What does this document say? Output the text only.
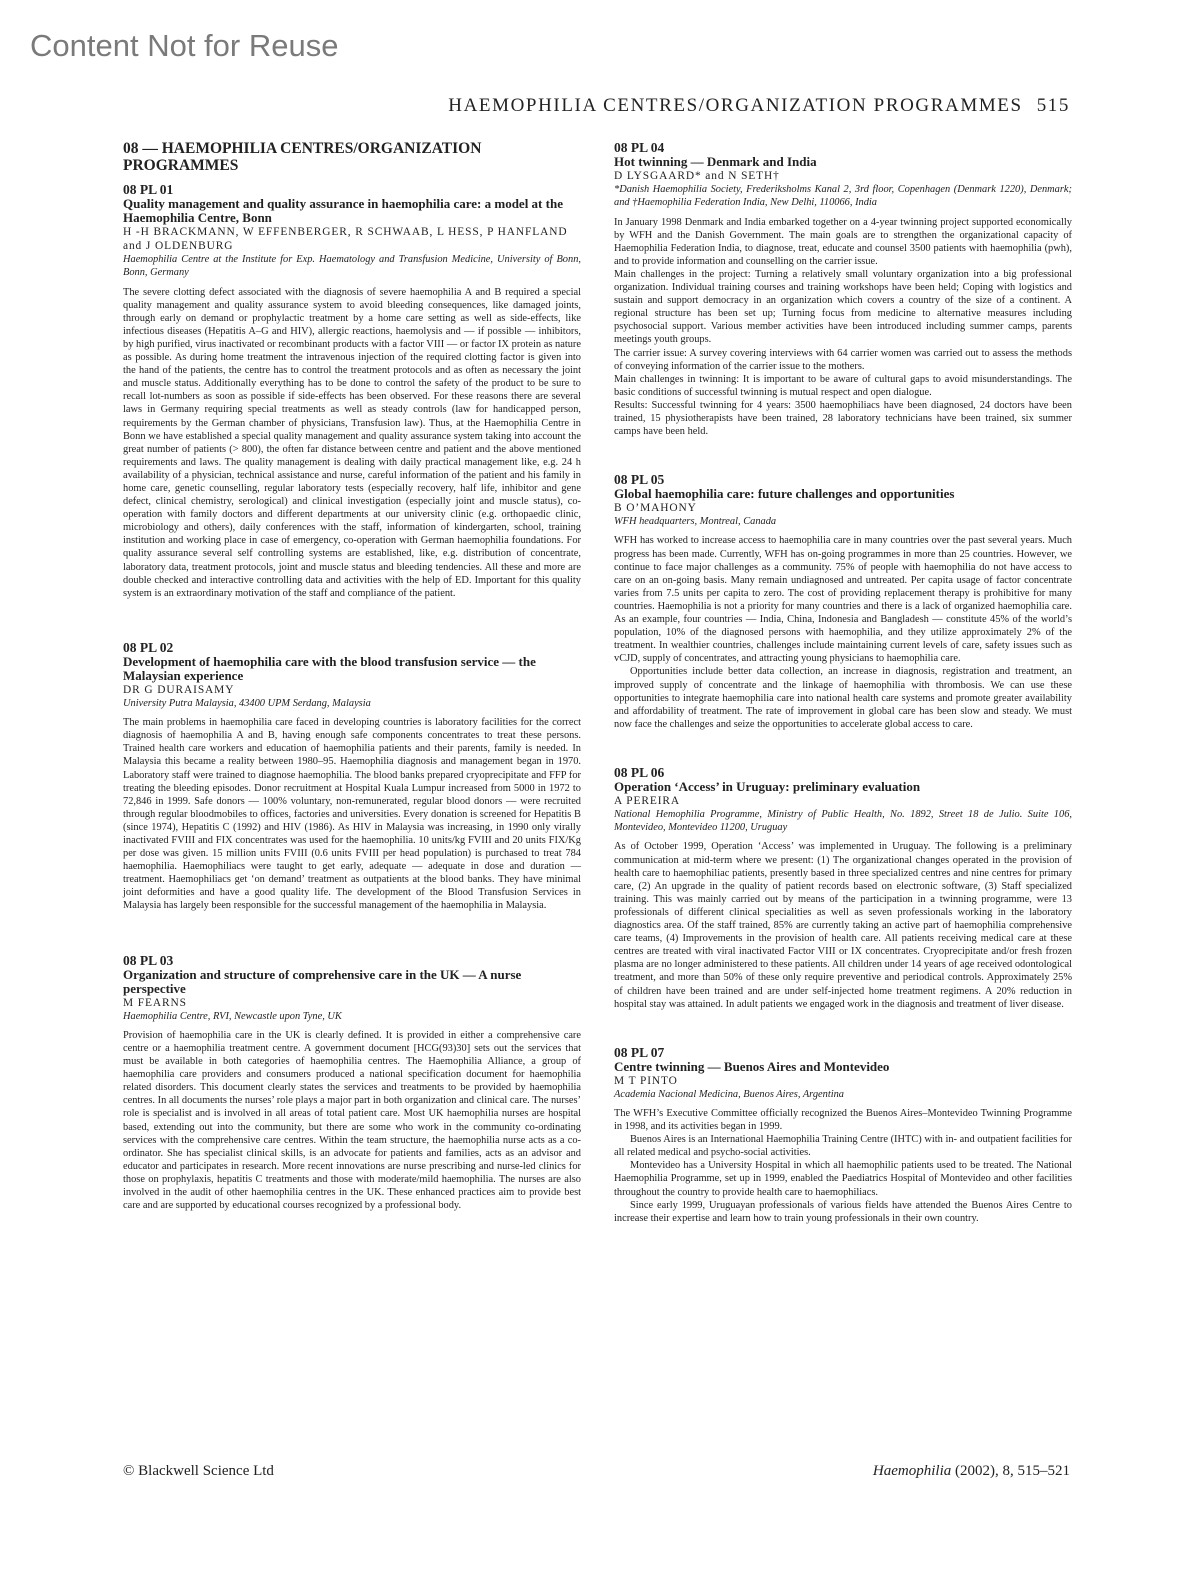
Content Not for Reuse
HAEMOPHILIA CENTRES/ORGANIZATION PROGRAMMES 515
08 — HAEMOPHILIA CENTRES/ORGANIZATION PROGRAMMES
08 PL 01
Quality management and quality assurance in haemophilia care: a model at the Haemophilia Centre, Bonn
H -H BRACKMANN, W EFFENBERGER, R SCHWAAB, L HESS, P HANFLAND and J OLDENBURG
Haemophilia Centre at the Institute for Exp. Haematology and Transfusion Medicine, University of Bonn, Bonn, Germany

The severe clotting defect associated with the diagnosis of severe haemophilia A and B required a special quality management and quality assurance system to avoid bleeding consequences, like damaged joints, through early on demand or prophylactic treatment by a home care setting as well as side-effects, like infectious diseases (Hepatitis A–G and HIV), allergic reactions, haemolysis and — if possible — inhibitors, by high purified, virus inactivated or recombinant products with a factor VIII — or factor IX protein as nature as possible. As during home treatment the intravenous injection of the required clotting factor is given into the hand of the patients, the centre has to control the treatment protocols and as often as necessary the joint and muscle status. Additionally everything has to be done to control the safety of the product to be sure to recall lot-numbers as soon as possible if side-effects has been observed. For these reasons there are several laws in Germany requiring special treatments as well as steady controls (law for handicapped person, requirements by the German chamber of physicians, Transfusion law). Thus, at the Haemophilia Centre in Bonn we have established a special quality management and quality assurance system taking into account the great number of patients (> 800), the often far distance between centre and patient and the above mentioned requirements and laws. The quality management is dealing with daily practical management like, e.g. 24 h availability of a physician, technical assistance and nurse, careful information of the patient and his family in home care, genetic counselling, regular laboratory tests (especially recovery, half life, inhibitor and gene defect, clinical chemistry, serological) and clinical investigation (especially joint and muscle status), co-operation with family doctors and different departments at our university clinic (e.g. orthopaedic clinic, microbiology and others), daily conferences with the staff, information of kindergarten, school, training institution and working place in case of emergency, co-operation with German haemophilia foundations. For quality assurance several self controlling systems are established, like, e.g. distribution of concentrate, laboratory data, treatment protocols, joint and muscle status and bleeding tendencies. All these and more are double checked and interactive controlling data and activities with the help of ED. Important for this quality system is an extraordinary motivation of the staff and compliance of the patient.

08 PL 02
Development of haemophilia care with the blood transfusion service — the Malaysian experience
DR G DURAISAMY
University Putra Malaysia, 43400 UPM Serdang, Malaysia

The main problems in haemophilia care faced in developing countries is laboratory facilities for the correct diagnosis of haemophilia A and B, having enough safe components concentrates to treat these persons. Trained health care workers and education of haemophilia patients and their parents, family is needed. In Malaysia this became a reality between 1980–95. Haemophilia diagnosis and management began in 1970. Laboratory staff were trained to diagnose haemophilia. The blood banks prepared cryoprecipitate and FFP for treating the bleeding episodes. Donor recruitment at Hospital Kuala Lumpur increased from 5000 in 1972 to 72,846 in 1999. Safe donors — 100% voluntary, non-remunerated, regular blood donors — were recruited through regular bloodmobiles to offices, factories and universities. Every donation is screened for Hepatitis B (since 1974), Hepatitis C (1992) and HIV (1986). As HIV in Malaysia was increasing, in 1990 only virally inactivated FVIII and FIX concentrates was used for the haemophilia. 10 units/kg FVIII and 20 units FIX/Kg per dose was given. 15 million units FVIII (0.6 units FVIII per head population) is purchased to treat 784 haemophilia. Haemophiliacs were taught to get early, adequate — adequate in dose and duration — treatment. Haemophiliacs get ‘on demand’ treatment as outpatients at the blood banks. They have minimal joint deformities and have a good quality life. The development of the Blood Transfusion Services in Malaysia has largely been responsible for the successful management of the haemophilia in Malaysia.

08 PL 03
Organization and structure of comprehensive care in the UK — A nurse perspective
M FEARNS
Haemophilia Centre, RVI, Newcastle upon Tyne, UK

Provision of haemophilia care in the UK is clearly defined. It is provided in either a comprehensive care centre or a haemophilia treatment centre. A government document [HCG(93)30] sets out the services that must be available in both categories of haemophilia centres. The Haemophilia Alliance, a group of haemophilia care providers and consumers produced a national specification document for haemophilia related disorders. This document clearly states the services and treatments to be provided by haemophilia centres. In all documents the nurses’ role plays a major part in both organization and clinical care. The nurses’ role is specialist and is involved in all areas of total patient care. Most UK haemophilia nurses are hospital based, extending out into the community, but there are some who work in the community co-ordinating services with the comprehensive care centres. Within the team structure, the haemophilia nurse acts as a co-ordinator. She has specialist clinical skills, is an advocate for patients and families, acts as an advisor and educator and participates in research. More recent innovations are nurse prescribing and nurse-led clinics for those on prophylaxis, hepatitis C treatments and those with moderate/mild haemophilia. The nurses are also involved in the audit of other haemophilia centres in the UK. These enhanced practices aim to provide best care and are supported by educational courses recognized by a professional body.

08 PL 04
Hot twinning — Denmark and India
D LYSGAARD* and N SETH†
*Danish Haemophilia Society, Frederiksholms Kanal 2, 3rd floor, Copenhagen (Denmark 1220), Denmark; and †Haemophilia Federation India, New Delhi, 110066, India

In January 1998 Denmark and India embarked together on a 4-year twinning project supported economically by WFH and the Danish Government. The main goals are to strengthen the organizational capacity of Haemophilia Federation India, to diagnose, treat, educate and counsel 3500 patients with haemophilia (pwh), and to provide information and counselling on the carrier issue.

Main challenges in the project: Turning a relatively small voluntary organization into a big professional organization. Individual training courses and training workshops have been held; Coping with logistics and sustain and support democracy in an organization which covers a country of the size of a continent. A regional structure has been set up; Turning focus from medicine to alternative measures including psychosocial support. Various member activities have been introduced including summer camps, parents meetings youth groups.

The carrier issue: A survey covering interviews with 64 carrier women was carried out to assess the methods of conveying information of the carrier issue to the mothers.

Main challenges in twinning: It is important to be aware of cultural gaps to avoid misunderstandings. The basic conditions of successful twinning is mutual respect and open dialogue.

Results: Successful twinning for 4 years: 3500 haemophiliacs have been diagnosed, 24 doctors have been trained, 15 physiotherapists have been trained, 28 laboratory technicians have been trained, six summer camps have been held.

08 PL 05
Global haemophilia care: future challenges and opportunities
B O’MAHONY
WFH headquarters, Montreal, Canada

WFH has worked to increase access to haemophilia care in many countries over the past several years. Much progress has been made. Currently, WFH has on-going programmes in more than 25 countries. However, we continue to face major challenges as a community. 75% of people with haemophilia do not have access to care on an on-going basis. Many remain undiagnosed and untreated. Per capita usage of factor concentrate varies from 7.5 units per capita to zero. The cost of providing replacement therapy is prohibitive for many countries. Haemophilia is not a priority for many countries and there is a lack of organized haemophilia care. As an example, four countries — India, China, Indonesia and Bangladesh — constitute 45% of the world’s population, 10% of the diagnosed persons with haemophilia, and they utilize approximately 2% of the treatment. In wealthier countries, challenges include maintaining current levels of care, safety issues such as vCJD, supply of concentrates, and attracting young physicians to haemophilia care.

Opportunities include better data collection, an increase in diagnosis, registration and treatment, an improved supply of concentrate and the linkage of haemophilia with thrombosis. We can use these opportunities to integrate haemophilia care into national health care systems and promote greater availability and affordability of treatment. The rate of improvement in global care has been slow and steady. We must now face the challenges and seize the opportunities to accelerate global access to care.

08 PL 06
Operation ‘Access’ in Uruguay: preliminary evaluation
A PEREIRA
National Hemophilia Programme, Ministry of Public Health, No. 1892, Street 18 de Julio. Suite 106, Montevideo, Montevideo 11200, Uruguay

As of October 1999, Operation ‘Access’ was implemented in Uruguay. The following is a preliminary communication at mid-term where we present: (1) The organizational changes operated in the provision of health care to haemophiliac patients, presently based in three specialized centres and nine centres for primary care, (2) An upgrade in the quality of patient records based on electronic software, (3) Staff specialized training. This was mainly carried out by means of the participation in a twinning programme, were 13 professionals of different clinical specialities as well as seven professionals working in the laboratory diagnostics area. Of the staff trained, 85% are currently taking an active part of haemophilia comprehensive care teams, (4) Improvements in the provision of health care. All patients receiving medical care at these centres are treated with viral inactivated Factor VIII or IX concentrates. Cryoprecipitate and/or fresh frozen plasma are no longer administered to these patients. All children under 14 years of age received odontological treatment, and more than 50% of these only require preventive and periodical controls. Approximately 25% of children have been trained and are under self-injected home treatment regimens. A 20% reduction in hospital stay was attained. In adult patients we engaged work in the diagnosis and treatment of liver disease.

08 PL 07
Centre twinning — Buenos Aires and Montevideo
M T PINTO
Academia Nacional Medicina, Buenos Aires, Argentina

The WFH’s Executive Committee officially recognized the Buenos Aires–Montevideo Twinning Programme in 1998, and its activities began in 1999.

Buenos Aires is an International Haemophilia Training Centre (IHTC) with in- and outpatient facilities for all related medical and psycho-social activities.

Montevideo has a University Hospital in which all haemophilic patients used to be treated. The National Haemophilia Programme, set up in 1999, enabled the Paediatrics Hospital of Montevideo and other facilities throughout the country to provide health care to haemophiliacs.

Since early 1999, Uruguayan professionals of various fields have attended the Buenos Aires Centre to increase their expertise and learn how to train young professionals in their own country.

© Blackwell Science Ltd	Haemophilia (2002), 8, 515–521
